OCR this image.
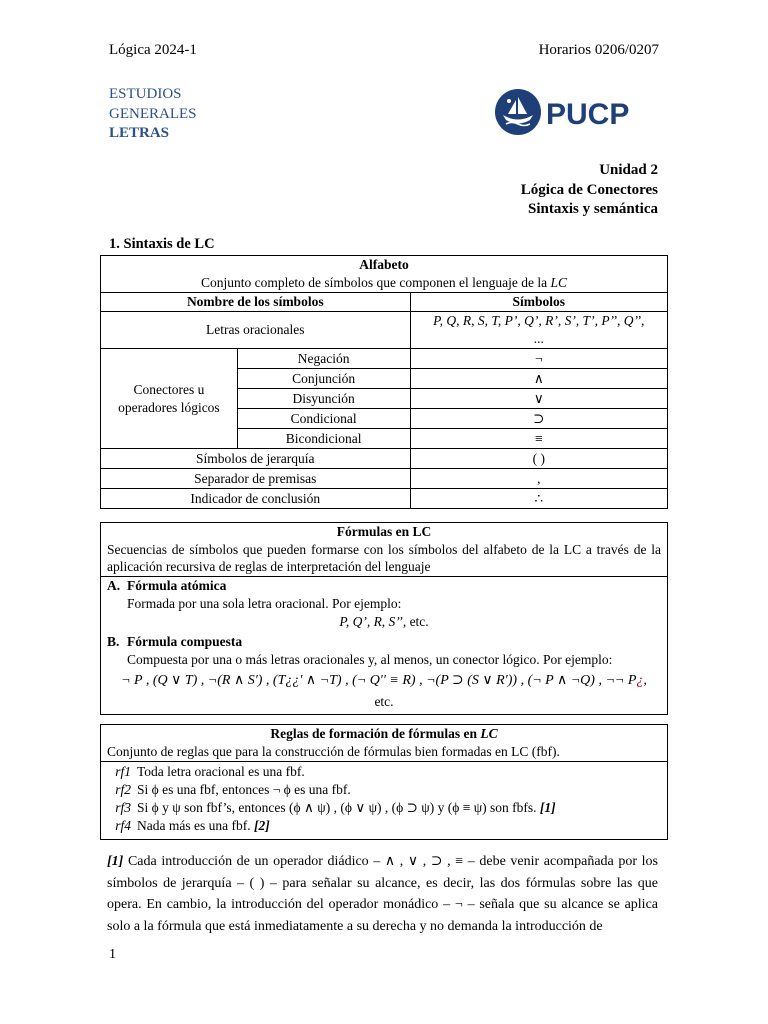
Lógica 2024-1	Horarios 0206/0207
ESTUDIOS
GENERALES
LETRAS
PUCP
Unidad 2
Lógica de Conectores
Sintaxis y semántica
1. Sintaxis de LC
Alfabeto
Conjunto completo de símbolos que componen el lenguaje de la LC		

Nombre de los símbolos		Símbolos
Letras oracionales		P, Q, R, S, T, P’, Q’, R’, S’, T’, P’’, Q’’,
...

Conectores u
operadores lógicos	Negación	¬
	Conjunción	∧
	Disyunción	∨
	Condicional	⊃
	Bicondicional	≡
Símbolos de jerarquía		( )
Separador de premisas		,
Indicador de conclusión		∴
Fórmulas en LC
Secuencias de símbolos que pueden formarse con los símbolos del alfabeto de la LC a través de la aplicación recursiva de reglas de interpretación del lenguaje
A. Fórmula atómica
Formada por una sola letra oracional. Por ejemplo:
P, Q’, R, S’’, etc.
B. Fórmula compuesta
Compuesta por una o más letras oracionales y, al menos, un conector lógico. Por ejemplo:
¬ P , (Q ∨ T) , ¬(R ∧ S′) , (T¿¿′ ∧ ¬T) , (¬ Q′′ ≡ R) , ¬(P ⊃ (S ∨ R′)) , (¬ P ∧ ¬Q) , ¬¬ P¿,
etc.
Reglas de formación de fórmulas en LC
Conjunto de reglas que para la construcción de fórmulas bien formadas en LC (fbf).
rf1 Toda letra oracional es una fbf.
rf2 Si ϕ es una fbf, entonces ¬ ϕ es una fbf.
rf3 Si ϕ y ψ son fbf’s, entonces (ϕ ∧ ψ) , (ϕ ∨ ψ) , (ϕ ⊃ ψ) y (ϕ ≡ ψ) son fbfs.
[1]
rf4 Nada más es una fbf.
[2]
[1] Cada introducción de un operador diádico – ∧ , ∨ , ⊃ , ≡ – debe venir acompañada por los símbolos de jerarquía – ( ) – para señalar su alcance, es decir, las dos fórmulas sobre las que opera. En cambio, la introducción del operador monádico – ¬ – señala que su alcance se aplica solo a la fórmula que está inmediatamente a su derecha y no demanda la introducción de
1
